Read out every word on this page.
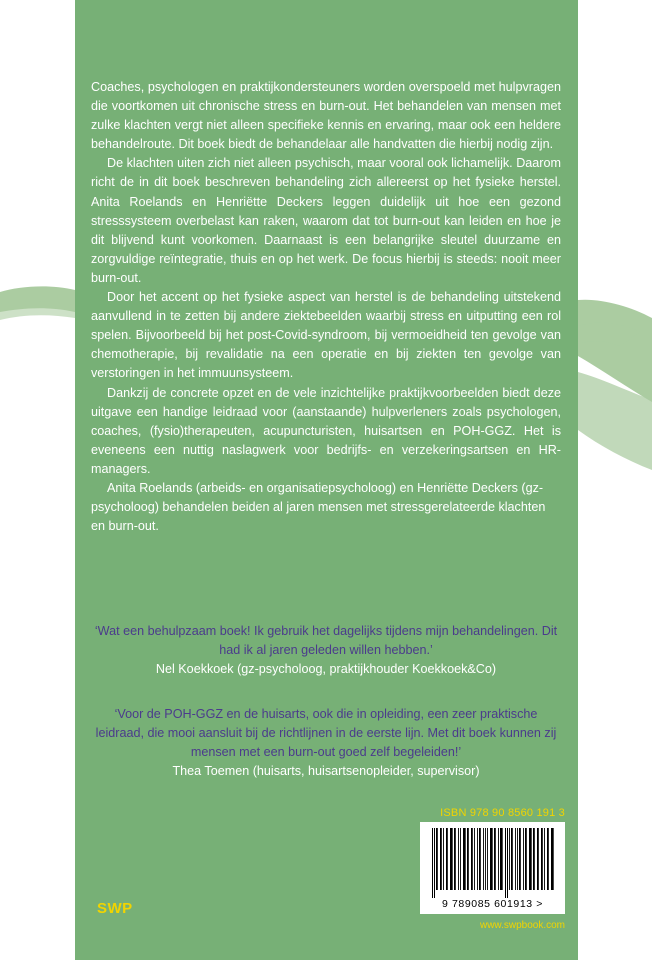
Coaches, psychologen en praktijkondersteuners worden overspoeld met hulpvragen die voortkomen uit chronische stress en burn-out. Het behandelen van mensen met zulke klachten vergt niet alleen specifieke kennis en ervaring, maar ook een heldere behandelroute. Dit boek biedt de behandelaar alle handvatten die hierbij nodig zijn.

De klachten uiten zich niet alleen psychisch, maar vooral ook lichamelijk. Daarom richt de in dit boek beschreven behandeling zich allereerst op het fysieke herstel. Anita Roelands en Henriëtte Deckers leggen duidelijk uit hoe een gezond stresssysteem overbelast kan raken, waarom dat tot burn-out kan leiden en hoe je dit blijvend kunt voorkomen. Daarnaast is een belangrijke sleutel duurzame en zorgvuldige reïntegratie, thuis en op het werk. De focus hierbij is steeds: nooit meer burn-out.

Door het accent op het fysieke aspect van herstel is de behandeling uitstekend aanvullend in te zetten bij andere ziektebeelden waarbij stress en uitputting een rol spelen. Bijvoorbeeld bij het post-Covid-syndroom, bij vermoeidheid ten gevolge van chemotherapie, bij revalidatie na een operatie en bij ziekten ten gevolge van verstoringen in het immuunsysteem.

Dankzij de concrete opzet en de vele inzichtelijke praktijkvoorbeelden biedt deze uitgave een handige leidraad voor (aanstaande) hulpverleners zoals psychologen, coaches, (fysio)therapeuten, acupuncturisten, huisartsen en POH-GGZ. Het is eveneens een nuttig naslagwerk voor bedrijfs- en verzekeringsartsen en HR-managers.

Anita Roelands (arbeids- en organisatiepsycholoog) en Henriëtte Deckers (gz-psycholoog) behandelen beiden al jaren mensen met stressgerelateerde klachten en burn-out.

‘Wat een behulpzaam boek! Ik gebruik het dagelijks tijdens mijn behandelingen. Dit had ik al jaren geleden willen hebben.’
Nel Koekkoek (gz-psycholoog, praktijkhouder Koekkoek&Co)
‘Voor de POH-GGZ en de huisarts, ook die in opleiding, een zeer praktische leidraad, die mooi aansluit bij de richtlijnen in de eerste lijn. Met dit boek kunnen zij mensen met een burn-out goed zelf begeleiden!’
Thea Toemen (huisarts, huisartsenopleider, supervisor)
ISBN 978 90 8560 191 3
9 789085 601913 >
SWP
www.swpbook.com
